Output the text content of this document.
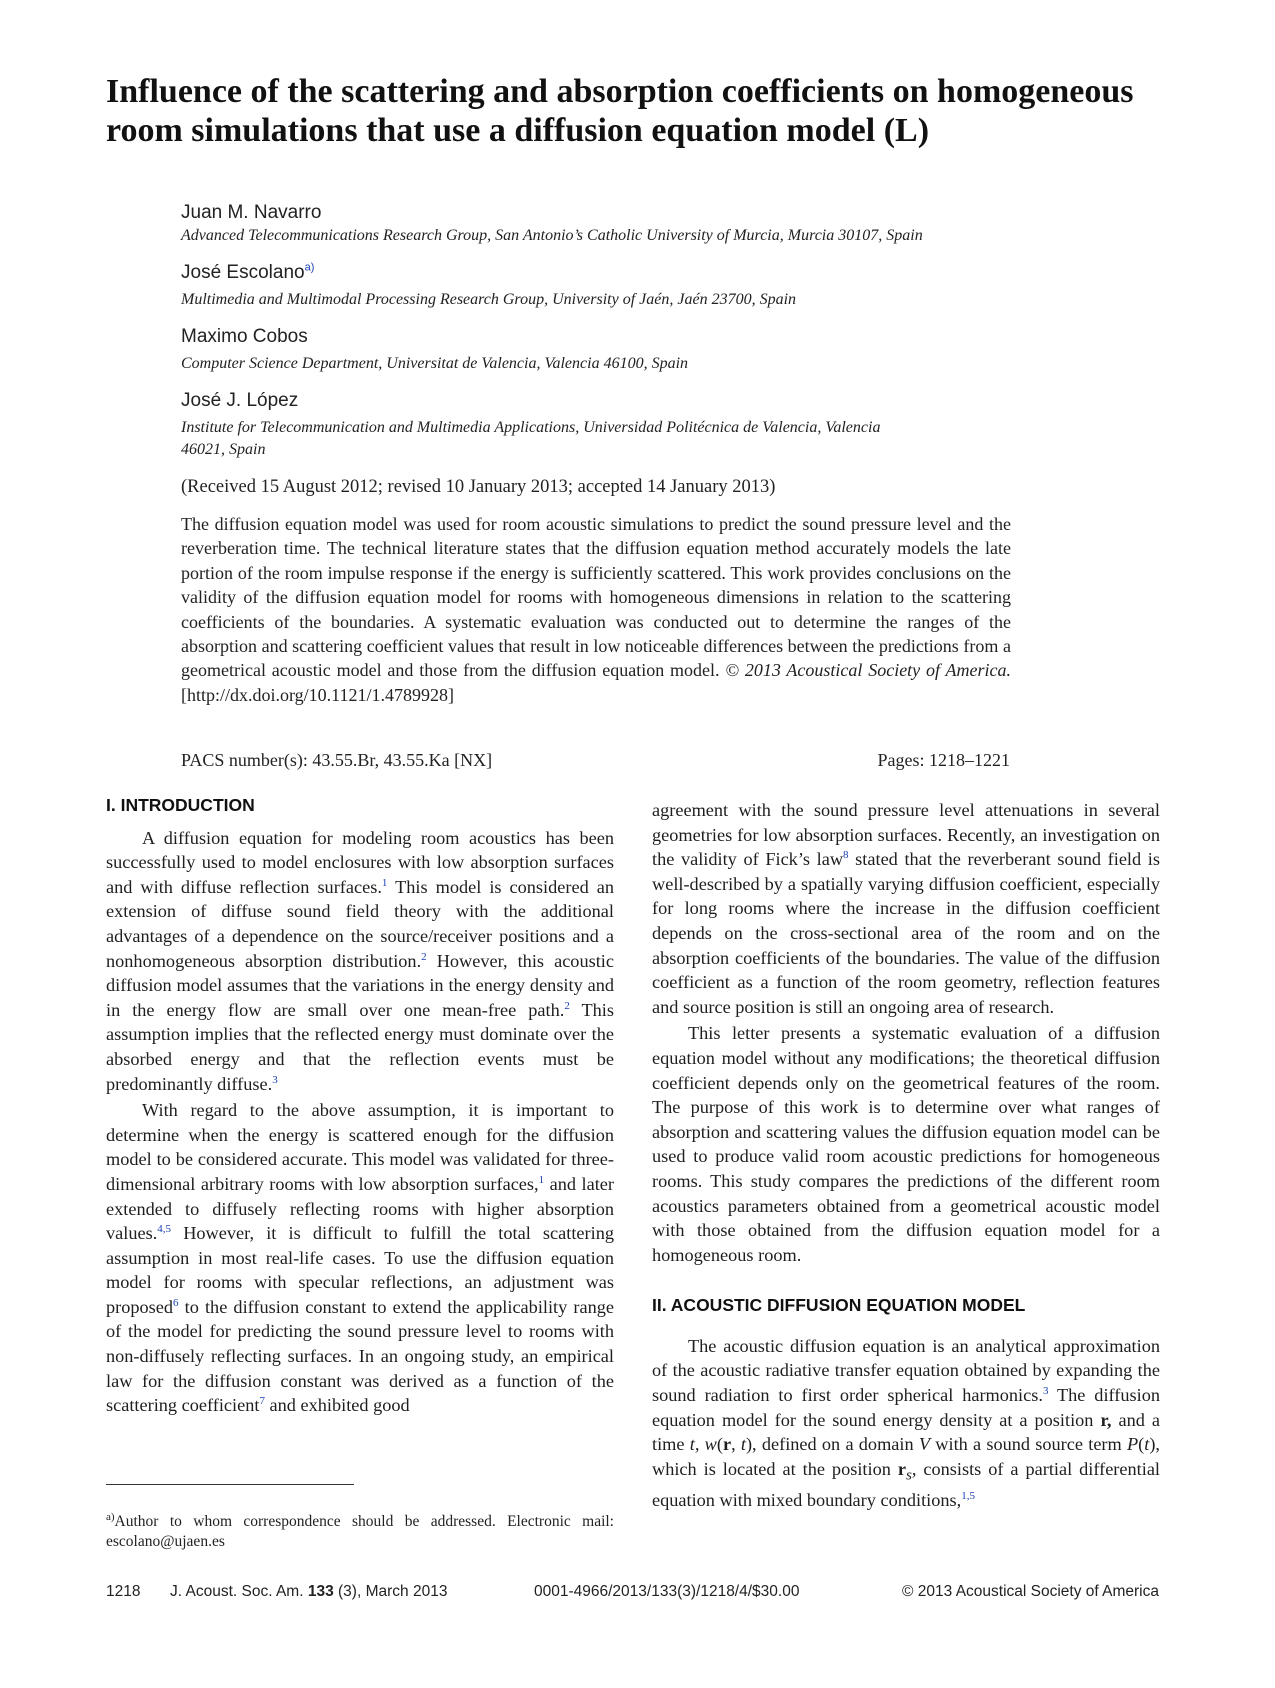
Influence of the scattering and absorption coefficients on homogeneous room simulations that use a diffusion equation model (L)
Juan M. Navarro
Advanced Telecommunications Research Group, San Antonio’s Catholic University of Murcia, Murcia 30107, Spain
José Escolano$^{a)}$
Multimedia and Multimodal Processing Research Group, University of Jaén, Jaén 23700, Spain
Maximo Cobos
Computer Science Department, Universitat de Valencia, Valencia 46100, Spain
José J. López
Institute for Telecommunication and Multimedia Applications, Universidad Politécnica de Valencia, Valencia
46021, Spain
(Received 15 August 2012; revised 10 January 2013; accepted 14 January 2013)
The diffusion equation model was used for room acoustic simulations to predict the sound pressure level and the reverberation time. The technical literature states that the diffusion equation method accurately models the late portion of the room impulse response if the energy is sufficiently scattered. This work provides conclusions on the validity of the diffusion equation model for rooms with homogeneous dimensions in relation to the scattering coefficients of the boundaries. A systematic evaluation was conducted out to determine the ranges of the absorption and scattering coefficient values that result in low noticeable differences between the predictions from a geometrical acoustic model and those from the diffusion equation model. © 2013 Acoustical Society of America. [http://dx.doi.org/10.1121/1.4789928]
PACS number(s): 43.55.Br, 43.55.Ka [NX]	Pages: 1218–1221
I. INTRODUCTION

A diffusion equation for modeling room acoustics has been successfully used to model enclosures with low absorption surfaces and with diffuse reflection surfaces.$^1$ This model is considered an extension of diffuse sound field theory with the additional advantages of a dependence on the source/receiver positions and a nonhomogeneous absorption distribution.$^2$ However, this acoustic diffusion model assumes that the variations in the energy density and in the energy flow are small over one mean-free path.$^2$ This assumption implies that the reflected energy must dominate over the absorbed energy and that the reflection events must be predominantly diffuse.$^3$

With regard to the above assumption, it is important to determine when the energy is scattered enough for the diffusion model to be considered accurate. This model was validated for three-dimensional arbitrary rooms with low absorption surfaces,$^1$ and later extended to diffusely reflecting rooms with higher absorption values.$^{4,5}$ However, it is difficult to fulfill the total scattering assumption in most real-life cases. To use the diffusion equation model for rooms with specular reflections, an adjustment was proposed$^6$ to the diffusion constant to extend the applicability range of the model for predicting the sound pressure level to rooms with non-diffusely reflecting surfaces. In an ongoing study, an empirical law for the diffusion constant was derived as a function of the scattering coefficient$^7$ and exhibited good

$^{a)}$Author to whom correspondence should be addressed. Electronic mail: escolano@ujaen.es

agreement with the sound pressure level attenuations in several geometries for low absorption surfaces. Recently, an investigation on the validity of Fick’s law$^8$ stated that the reverberant sound field is well-described by a spatially varying diffusion coefficient, especially for long rooms where the increase in the diffusion coefficient depends on the cross-sectional area of the room and on the absorption coefficients of the boundaries. The value of the diffusion coefficient as a function of the room geometry, reflection features and source position is still an ongoing area of research.

This letter presents a systematic evaluation of a diffusion equation model without any modifications; the theoretical diffusion coefficient depends only on the geometrical features of the room. The purpose of this work is to determine over what ranges of absorption and scattering values the diffusion equation model can be used to produce valid room acoustic predictions for homogeneous rooms. This study compares the predictions of the different room acoustics parameters obtained from a geometrical acoustic model with those obtained from the diffusion equation model for a homogeneous room.

II. ACOUSTIC DIFFUSION EQUATION MODEL

The acoustic diffusion equation is an analytical approximation of the acoustic radiative transfer equation obtained by expanding the sound radiation to first order spherical harmonics.$^3$ The diffusion equation model for the sound energy density at a position r, and a time t, w(r, t), defined on a domain V with a sound source term P(t), which is located at the position $r_s$, consists of a partial differential equation with mixed boundary conditions,$^{1,5}$

1218 J. Acoust. Soc. Am. 133 (3), March 2013	0001-4966/2013/133(3)/1218/4/$30.00	© 2013 Acoustical Society of America
